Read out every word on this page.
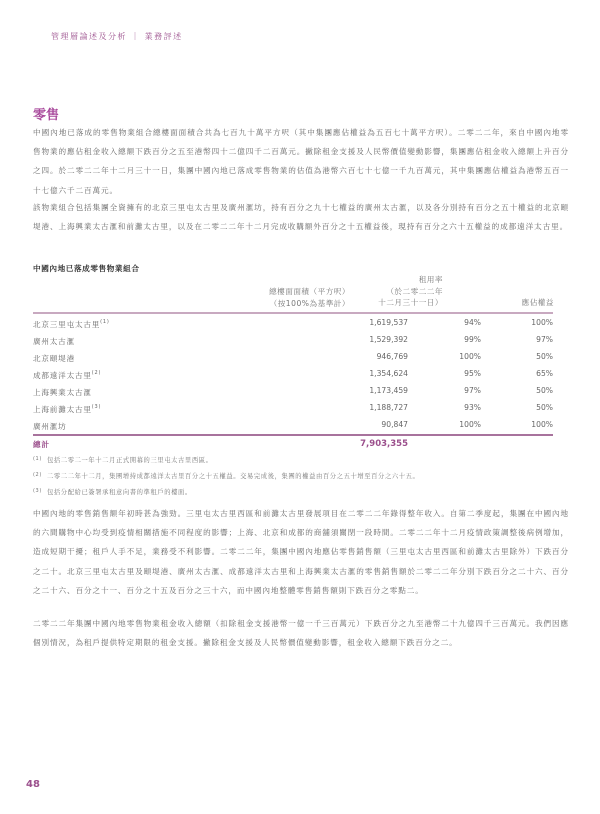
管理層論述及分析 ｜ 業務評述
零售
中國內地已落成的零售物業組合總樓面面積合共為七百九十萬平方呎（其中集團應佔權益為五百七十萬平方呎）。二零二二年，來自中國內地零售物業的應佔租金收入總額下跌百分之五至港幣四十二億四千二百萬元。撇除租金支援及人民幣價值變動影響，集團應佔租金收入總額上升百分之四。於二零二二年十二月三十一日，集團中國內地已落成零售物業的估值為港幣六百七十七億一千九百萬元，其中集團應佔權益為港幣五百一十七億六千二百萬元。
該物業組合包括集團全資擁有的北京三里屯太古里及廣州滙坊，持有百分之九十七權益的廣州太古滙，以及各分別持有百分之五十權益的北京頤堤港、上海興業太古滙和前灘太古里，以及在二零二二年十二月完成收購額外百分之十五權益後，現持有百分之六十五權益的成都遠洋太古里。
中國內地已落成零售物業組合
總樓面面積（平方呎）
（按100%為基準計）
租用率
（於二零二二年
十二月三十一日）	應佔權益
北京三里屯太古里$^{(1)}$	1,619,537	94%	100%
廣州太古滙	1,529,392	99%	97%
北京頤堤港	946,769	100%	50%
成都遠洋太古里$^{(2)}$	1,354,624	95%	65%
上海興業太古滙	1,173,459	97%	50%
上海前灘太古里$^{(3)}$	1,188,727	93%	50%
廣州滙坊	90,847	100%	100%
總計	7,903,355
(1) 包括二零二一年十二月正式開幕的三里屯太古里西區。
(2) 二零二二年十二月，集團增持成都遠洋太古里百分之十五權益。交易完成後，集團的權益由百分之五十增至百分之六十五。
(3) 包括分配給已簽署承租意向書的準租戶的樓面。
中國內地的零售銷售額年初時甚為強勁。三里屯太古里西區和前灘太古里發展項目在二零二二年錄得整年收入。自第二季度起，集團在中國內地的六間購物中心均受到疫情相關措施不同程度的影響；上海、北京和成都的商舖須關閉一段時間。二零二二年十二月疫情政策調整後病例增加，造成短期干擾；租戶人手不足，業務受不利影響。二零二二年，集團中國內地應佔零售銷售額（三里屯太古里西區和前灘太古里除外）下跌百分之二十。北京三里屯太古里及頤堤港、廣州太古滙、成都遠洋太古里和上海興業太古滙的零售銷售額於二零二二年分別下跌百分之二十六、百分之二十六、百分之十一、百分之十五及百分之三十六，而中國內地整體零售銷售額則下跌百分之零點二。
二零二二年集團中國內地零售物業租金收入總額（扣除租金支援港幣一億一千三百萬元）下跌百分之九至港幣二十九億四千三百萬元。我們因應個別情況，為租戶提供特定期限的租金支援。撇除租金支援及人民幣價值變動影響，租金收入總額下跌百分之二。
48
